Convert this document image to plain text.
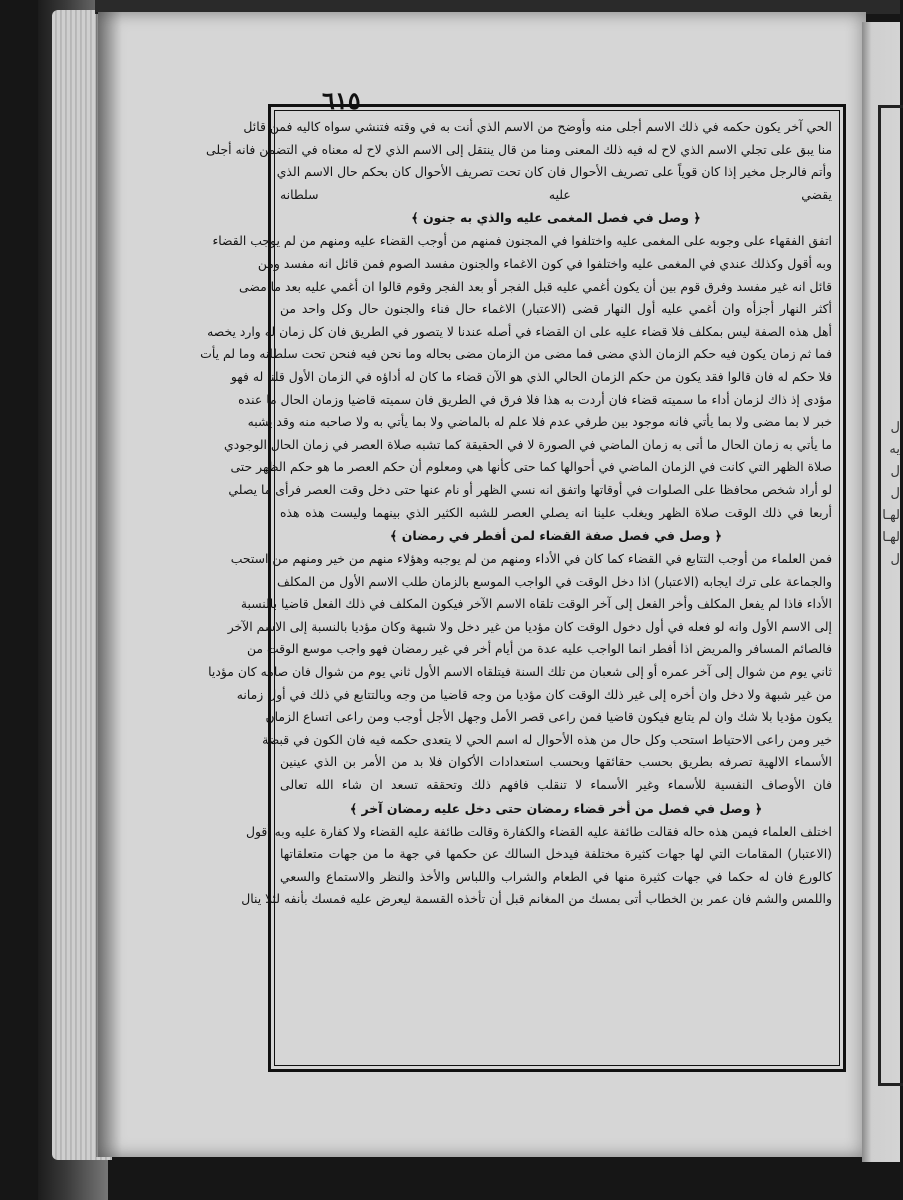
ل
يه
ل
ل
لهـا
لهـا
ل
٦١٥
الحي آخر يكون حكمه في ذلك الاسم أجلى منه وأوضح من الاسم الذي أنت به في وقته فتنشي سواه كاليه فمن قائل
منا يبق على تجلي الاسم الذي لاح له فيه ذلك المعنى ومنا من قال ينتقل إلى الاسم الذي لاح له معناه في التضمن فانه أجلى
وأتم فالرجل مخير إذا كان قوياً على تصريف الأحوال فان كان تحت تصريف الأحوال كان بحكم حال الاسم الذي
يقضي عليه سلطانه
﴿ وصل في فصل المغمى عليه والذي به جنون ﴾
اتفق الفقهاء على وجوبه على المغمى عليه واختلفوا في المجنون فمنهم من أوجب القضاء عليه ومنهم من لم يوجب القضاء
وبه أقول وكذلك عندي في المغمى عليه واختلفوا في كون الاغماء والجنون مفسد الصوم فمن قائل انه مفسد ومن
قائل انه غير مفسد وفرق قوم بين أن يكون أغمي عليه قبل الفجر أو بعد الفجر وقوم قالوا ان أغمي عليه بعد ما مضى
أكثر النهار أجزأه وان أغمي عليه أول النهار قضى (الاعتبار) الاغماء حال فناء والجنون حال وكل واحد من
أهل هذه الصفة ليس بمكلف فلا قضاء عليه على ان القضاء في أصله عندنا لا يتصور في الطريق فان كل زمان له وارد يخصه
فما ثم زمان يكون فيه حكم الزمان الذي مضى فما مضى من الزمان مضى بحاله وما نحن فيه فنحن تحت سلطانه وما لم يأت
فلا حكم له فان قالوا فقد يكون من حكم الزمان الحالي الذي هو الآن قضاء ما كان له أداؤه في الزمان الأول قلنا له فهو
مؤدى إذ ذاك لزمان أداء ما سميته قضاء فان أردت به هذا فلا فرق في الطريق فان سميته قاضيا وزمان الحال ما عنده
خبر لا بما مضى ولا بما يأتي فانه موجود بين طرفي عدم فلا علم له بالماضي ولا بما يأتي به ولا صاحبه منه وقد يشبه
ما يأتي به زمان الحال ما أتى به زمان الماضي في الصورة لا في الحقيقة كما تشبه صلاة العصر في زمان الحال الوجودي
صلاة الظهر التي كانت في الزمان الماضي في أحوالها كما حتى كأنها هي ومعلوم أن حكم العصر ما هو حكم الظهر حتى
لو أراد شخص محافظا على الصلوات في أوقاتها واتفق انه نسي الظهر أو نام عنها حتى دخل وقت العصر فرأى ما يصلي
أربعا في ذلك الوقت صلاة الظهر ويغلب علينا انه يصلي العصر للشبه الكثير الذي بينهما وليست هذه هذه
﴿ وصل في فصل صفة القضاء لمن أفطر في رمضان ﴾
فمن العلماء من أوجب التتابع في القضاء كما كان في الأداء ومنهم من لم يوجبه وهؤلاء منهم من خير ومنهم من استحب
والجماعة على ترك ايجابه (الاعتبار) اذا دخل الوقت في الواجب الموسع بالزمان طلب الاسم الأول من المكلف
الأداء فاذا لم يفعل المكلف وأخر الفعل إلى آخر الوقت تلقاه الاسم الآخر فيكون المكلف في ذلك الفعل قاضيا بالنسبة
إلى الاسم الأول وانه لو فعله في أول دخول الوقت كان مؤديا من غير دخل ولا شبهة وكان مؤديا بالنسبة إلى الاسم الآخر
فالصائم المسافر والمريض اذا أفطر انما الواجب عليه عدة من أيام أخر في غير رمضان فهو واجب موسع الوقت من
ثاني يوم من شوال إلى آخر عمره أو إلى شعبان من تلك السنة فيتلقاه الاسم الأول ثاني يوم من شوال فان صامه كان مؤديا
من غير شبهة ولا دخل وان أخره إلى غير ذلك الوقت كان مؤديا من وجه قاضيا من وجه وبالتتابع في ذلك في أول زمانه
يكون مؤديا بلا شك وان لم يتابع فيكون قاضيا فمن راعى قصر الأمل وجهل الأجل أوجب ومن راعى اتساع الزمان
خير ومن راعى الاحتياط استحب وكل حال من هذه الأحوال له اسم الحي لا يتعدى حكمه فيه فان الكون في قبضة
الأسماء الالهية تصرفه بطريق بحسب حقائقها وبحسب استعدادات الأكوان فلا بد من الأمر بن الذي عينين
فان الأوصاف النفسية للأسماء وغير الأسماء لا تنقلب فافهم ذلك وتحققه تسعد ان شاء الله تعالى
﴿ وصل في فصل من أخر قضاء رمضان حتى دخل عليه رمضان آخر ﴾
اختلف العلماء فيمن هذه حاله فقالت طائفة عليه القضاء والكفارة وقالت طائفة عليه القضاء ولا كفارة عليه وبه أقول
(الاعتبار) المقامات التي لها جهات كثيرة مختلفة فيدخل السالك عن حكمها في جهة ما من جهات متعلقاتها
كالورع فان له حكما في جهات كثيرة منها في الطعام والشراب واللباس والأخذ والنظر والاستماع والسعي
واللمس والشم فان عمر بن الخطاب أتى بمسك من المغانم قبل أن تأخذه القسمة ليعرض عليه فمسك بأنفه لئلا ينال
